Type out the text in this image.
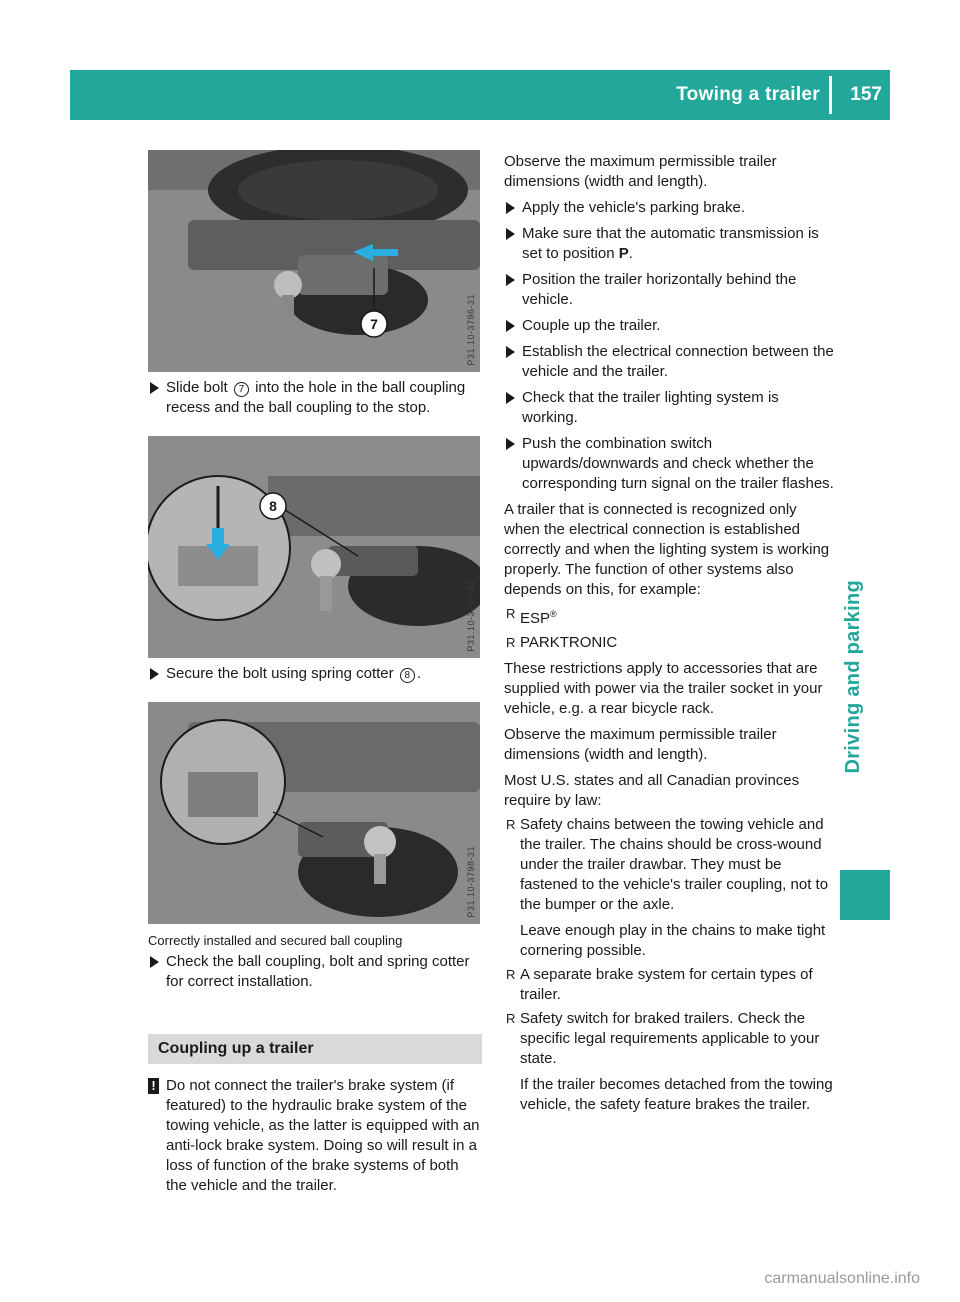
Towing a trailer 157
Driving and parking
7	P31.10-3796-31
Slide bolt 7 into the hole in the ball coupling recess and the ball coupling to the stop.
8
P31.10-3797-31
Secure the bolt using spring cotter 8 .
P31.10-3798-31
Correctly installed and secured ball coupling
Check the ball coupling, bolt and spring cotter for correct installation.
Coupling up a trailer
! Do not connect the trailer's brake system (if featured) to the hydraulic brake system of the towing vehicle, as the latter is equipped with an anti-lock brake system. Doing so will result in a loss of function of the brake systems of both the vehicle and the trailer.
Observe the maximum permissible trailer dimensions (width and length).
Apply the vehicle's parking brake.
Make sure that the automatic transmission is set to position P.
Position the trailer horizontally behind the vehicle.
Couple up the trailer.
Establish the electrical connection between the vehicle and the trailer.
Check that the trailer lighting system is working.
Push the combination switch upwards/downwards and check whether the corresponding turn signal on the trailer flashes.
A trailer that is connected is recognized only when the electrical connection is established correctly and when the lighting system is working properly. The function of other systems also depends on this, for example:
R ESP®
R PARKTRONIC
These restrictions apply to accessories that are supplied with power via the trailer socket in your vehicle, e.g. a rear bicycle rack.
Observe the maximum permissible trailer dimensions (width and length).
Most U.S. states and all Canadian provinces require by law:
R Safety chains between the towing vehicle and the trailer. The chains should be cross-wound under the trailer drawbar. They must be fastened to the vehicle's trailer coupling, not to the bumper or the axle.
Leave enough play in the chains to make tight cornering possible.
R A separate brake system for certain types of trailer.
R Safety switch for braked trailers. Check the specific legal requirements applicable to your state.
If the trailer becomes detached from the towing vehicle, the safety feature brakes the trailer.
carmanualsonline.info
